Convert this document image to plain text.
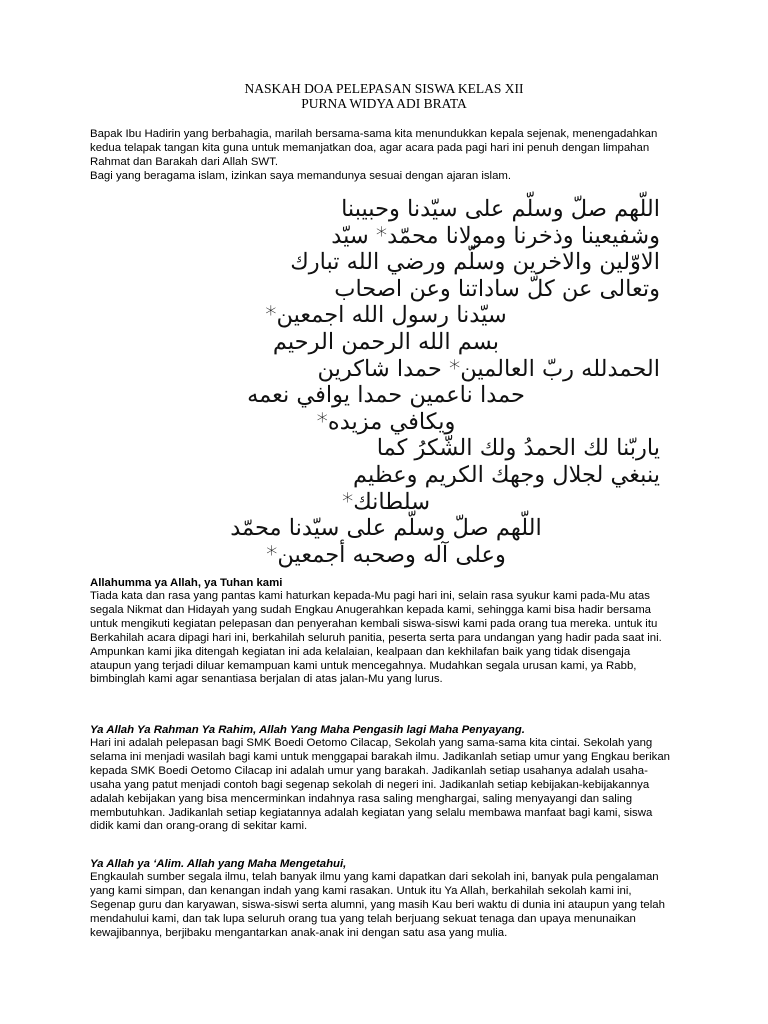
NASKAH DOA PELEPASAN SISWA KELAS XII
PURNA WIDYA ADI BRATA

Bapak Ibu Hadirin yang berbahagia, marilah bersama-sama kita menundukkan kepala sejenak, menengadahkan kedua telapak tangan kita guna untuk memanjatkan doa, agar acara pada pagi hari ini penuh dengan limpahan Rahmat dan Barakah dari Allah SWT.

Bagi yang beragama islam, izinkan saya memandunya sesuai dengan ajaran islam.

اللّهم صلّ وسلّم على سيّدنا وحبيبنا
وشفيعينا وذخرنا ومولانا محمّد* سيّد
الاوّلين والاخرين وسلّم ورضي الله تبارك
وتعالى عن كلّ ساداتنا وعن اصحاب
سيّدنا رسول الله اجمعين*
بسم الله الرحمن الرحيم
الحمدلله ربّ العالمين* حمدا شاكرين
حمدا ناعمين حمدا يوافي نعمه
ويكافي مزيده*
ياربّنا لك الحمدُ ولك الشّكرُ كما
ينبغي لجلال وجهك الكريم وعظيم
سلطانك*
اللّهم صلّ وسلّم على سيّدنا محمّد
وعلى آله وصحبه أجمعين*
Allahumma ya Allah, ya Tuhan kami

Tiada kata dan rasa yang pantas kami haturkan kepada-Mu pagi hari ini, selain rasa syukur kami pada-Mu atas segala Nikmat dan Hidayah yang sudah Engkau Anugerahkan kepada kami, sehingga kami bisa hadir bersama untuk mengikuti kegiatan pelepasan dan penyerahan kembali siswa-siswi kami pada orang tua mereka. untuk itu Berkahilah acara dipagi hari ini, berkahilah seluruh panitia, peserta serta para undangan yang hadir pada saat ini. Ampunkan kami jika ditengah kegiatan ini ada kelalaian, kealpaan dan kekhilafan baik yang tidak disengaja ataupun yang terjadi diluar kemampuan kami untuk mencegahnya. Mudahkan segala urusan kami, ya Rabb, bimbinglah kami agar senantiasa berjalan di atas jalan-Mu yang lurus.

Ya Allah Ya Rahman Ya Rahim, Allah Yang Maha Pengasih lagi Maha Penyayang.

Hari ini adalah pelepasan bagi SMK Boedi Oetomo Cilacap, Sekolah yang sama-sama kita cintai. Sekolah yang selama ini menjadi wasilah bagi kami untuk menggapai barakah ilmu. Jadikanlah setiap umur yang Engkau berikan kepada SMK Boedi Oetomo Cilacap ini adalah umur yang barakah. Jadikanlah setiap usahanya adalah usaha-usaha yang patut menjadi contoh bagi segenap sekolah di negeri ini. Jadikanlah setiap kebijakan-kebijakannya adalah kebijakan yang bisa mencerminkan indahnya rasa saling menghargai, saling menyayangi dan saling membutuhkan. Jadikanlah setiap kegiatannya adalah kegiatan yang selalu membawa manfaat bagi kami, siswa didik kami dan orang-orang di sekitar kami.

Ya Allah ya ‘Alim. Allah yang Maha Mengetahui,

Engkaulah sumber segala ilmu, telah banyak ilmu yang kami dapatkan dari sekolah ini, banyak pula pengalaman yang kami simpan, dan kenangan indah yang kami rasakan. Untuk itu Ya Allah, berkahilah sekolah kami ini, Segenap guru dan karyawan, siswa-siswi serta alumni, yang masih Kau beri waktu di dunia ini ataupun yang telah mendahului kami, dan tak lupa seluruh orang tua yang telah berjuang sekuat tenaga dan upaya menunaikan kewajibannya, berjibaku mengantarkan anak-anak ini dengan satu asa yang mulia.
